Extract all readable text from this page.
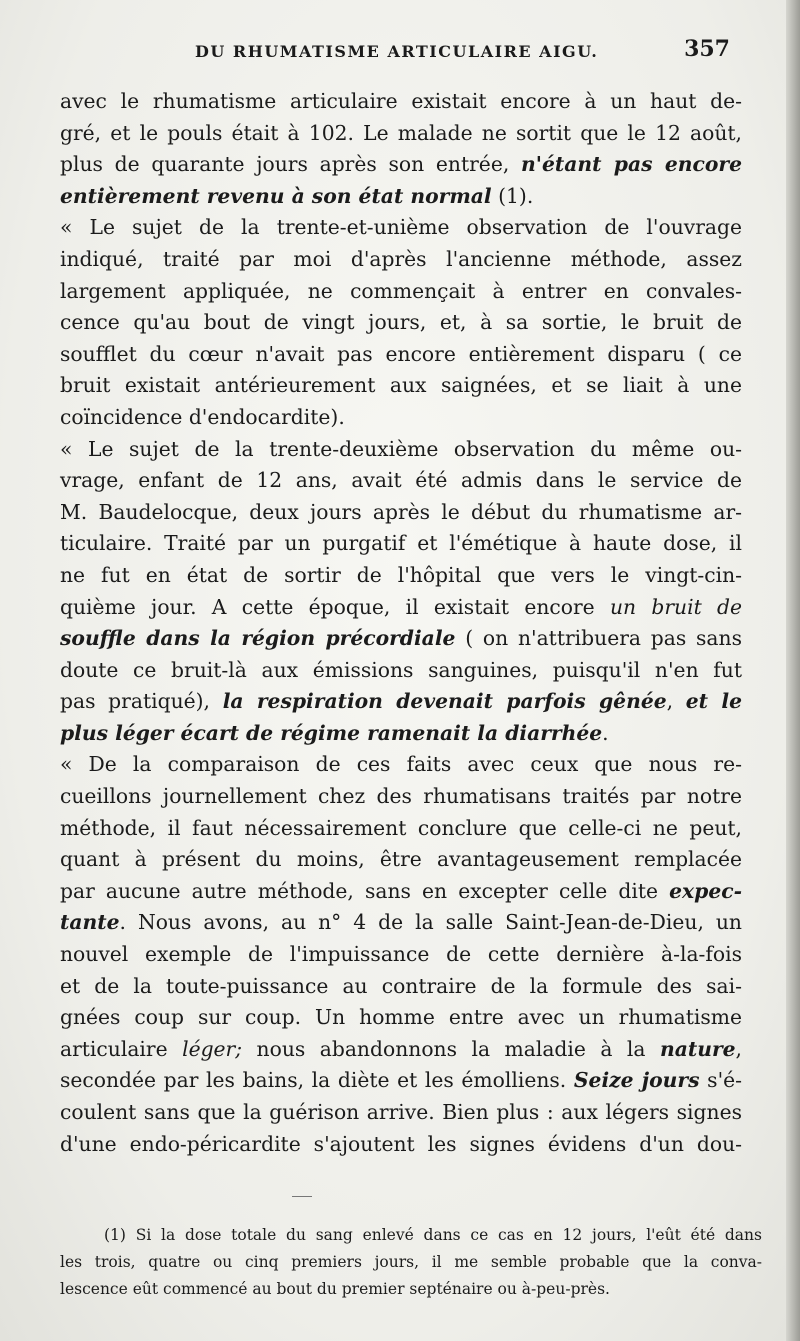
DU RHUMATISME ARTICULAIRE AIGU.	357
avec le rhumatisme articulaire existait encore à un haut de-
gré, et le pouls était à 102. Le malade ne sortit que le 12 août,
plus de quarante jours après son entrée, n'étant pas encore
entièrement revenu à son état normal (1).
« Le sujet de la trente-et-unième observation de l'ouvrage
indiqué, traité par moi d'après l'ancienne méthode, assez
largement appliquée, ne commençait à entrer en convales-
cence qu'au bout de vingt jours, et, à sa sortie, le bruit de
soufflet du cœur n'avait pas encore entièrement disparu ( ce
bruit existait antérieurement aux saignées, et se liait à une
coïncidence d'endocardite).
« Le sujet de la trente-deuxième observation du même ou-
vrage, enfant de 12 ans, avait été admis dans le service de
M. Baudelocque, deux jours après le début du rhumatisme ar-
ticulaire. Traité par un purgatif et l'émétique à haute dose, il
ne fut en état de sortir de l'hôpital que vers le vingt-cin-
quième jour. A cette époque, il existait encore un bruit de
souffle dans la région précordiale ( on n'attribuera pas sans
doute ce bruit-là aux émissions sanguines, puisqu'il n'en fut
pas pratiqué), la respiration devenait parfois gênée, et le
plus léger écart de régime ramenait la diarrhée.
« De la comparaison de ces faits avec ceux que nous re-
cueillons journellement chez des rhumatisans traités par notre
méthode, il faut nécessairement conclure que celle-ci ne peut,
quant à présent du moins, être avantageusement remplacée
par aucune autre méthode, sans en excepter celle dite expec-
tante. Nous avons, au n° 4 de la salle Saint-Jean-de-Dieu, un
nouvel exemple de l'impuissance de cette dernière à-la-fois
et de la toute-puissance au contraire de la formule des sai-
gnées coup sur coup. Un homme entre avec un rhumatisme
articulaire léger; nous abandonnons la maladie à la nature,
secondée par les bains, la diète et les émolliens. Seize jours s'é-
coulent sans que la guérison arrive. Bien plus : aux légers signes
d'une endo-péricardite s'ajoutent les signes évidens d'un dou-
(1) Si la dose totale du sang enlevé dans ce cas en 12 jours, l'eût été dans
les trois, quatre ou cinq premiers jours, il me semble probable que la conva-
lescence eût commencé au bout du premier septénaire ou à-peu-près.
